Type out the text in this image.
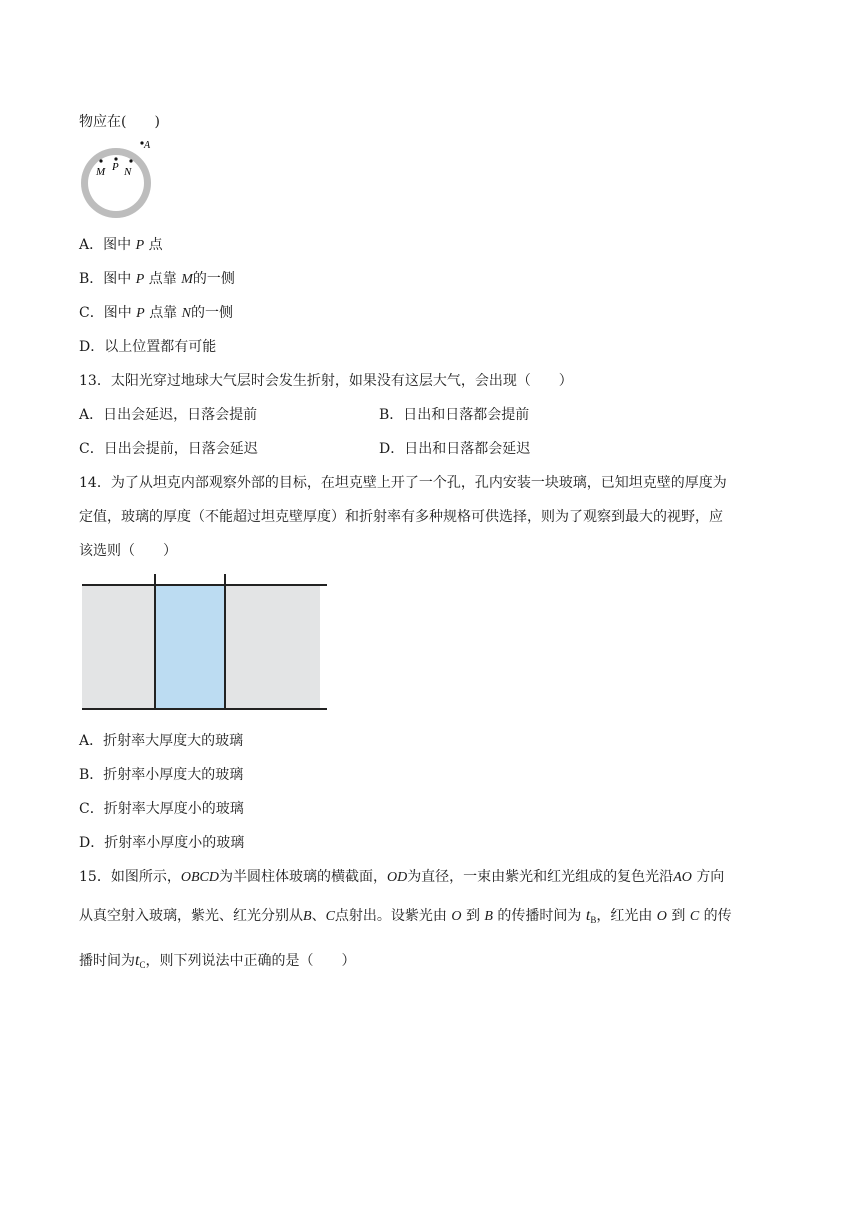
物应在(　　)
M P N
A
A．图中 P 点
B．图中 P 点靠 M的一侧
C．图中 P 点靠 N的一侧
D．以上位置都有可能
13．太阳光穿过地球大气层时会发生折射，如果没有这层大气，会出现（　　）
A．日出会延迟，日落会提前	B．日出和日落都会提前
C．日出会提前，日落会延迟	D．日出和日落都会延迟
14．为了从坦克内部观察外部的目标，在坦克壁上开了一个孔，孔内安装一块玻璃，已知坦克壁的厚度为
定值，玻璃的厚度（不能超过坦克壁厚度）和折射率有多种规格可供选择，则为了观察到最大的视野，应
该选则（　　）
A．折射率大厚度大的玻璃
B．折射率小厚度大的玻璃
C．折射率大厚度小的玻璃
D．折射率小厚度小的玻璃
15．如图所示，OBCD为半圆柱体玻璃的横截面，OD为直径，一束由紫光和红光组成的复色光沿AO 方向
从真空射入玻璃，紫光、红光分别从B、C点射出。设紫光由 O 到 B 的传播时间为 $t_B$，红光由 O 到 C 的传
播时间为$t_C$，则下列说法中正确的是（　　）
